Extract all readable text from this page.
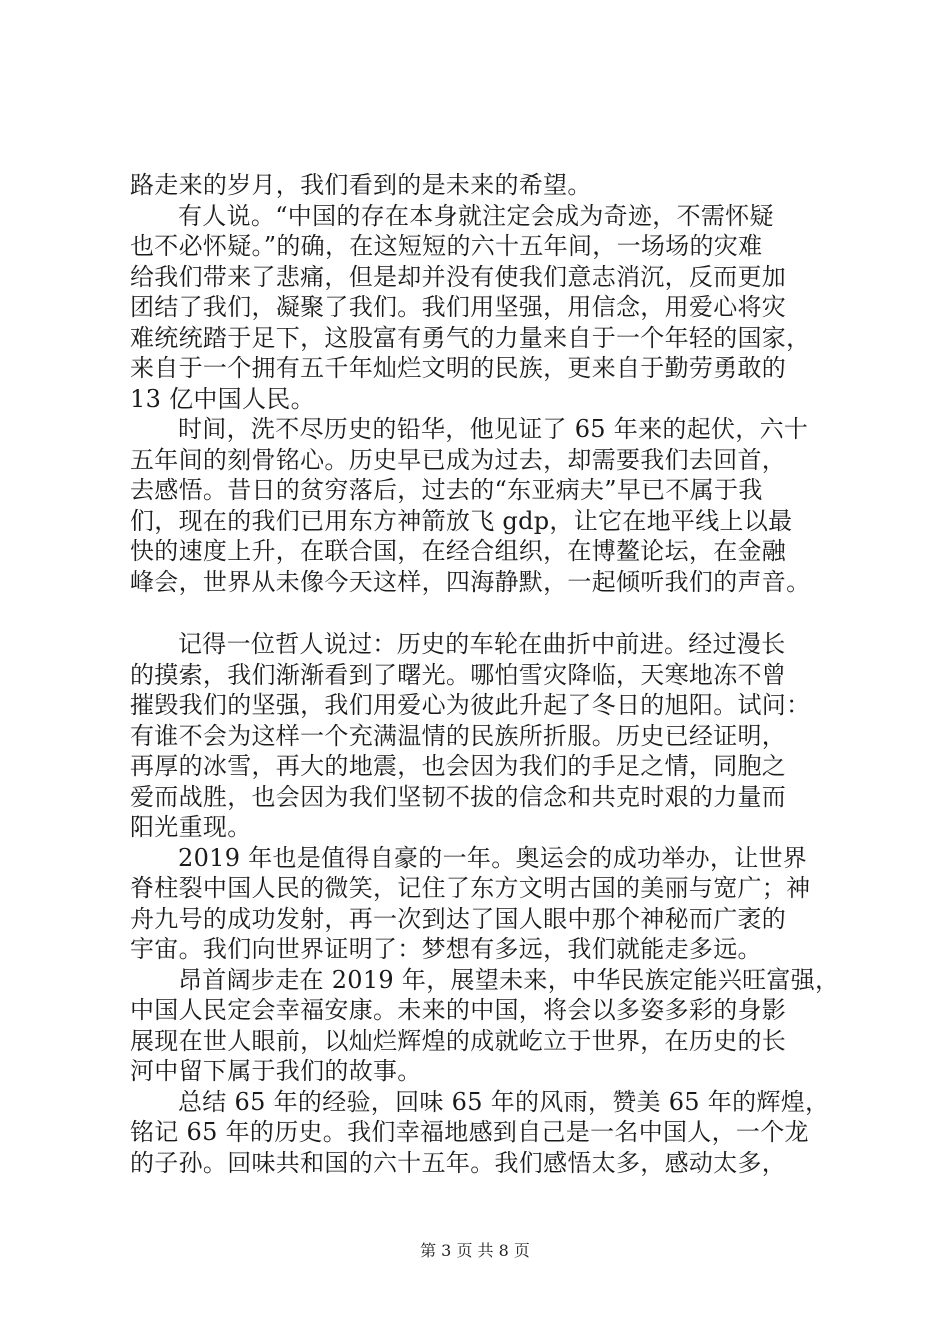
路走来的岁月，我们看到的是未来的希望。
有人说。“中国的存在本身就注定会成为奇迹，不需怀疑
也不必怀疑。”的确，在这短短的六十五年间，一场场的灾难
给我们带来了悲痛，但是却并没有使我们意志消沉，反而更加
团结了我们，凝聚了我们。我们用坚强，用信念，用爱心将灾
难统统踏于足下，这股富有勇气的力量来自于一个年轻的国家，
来自于一个拥有五千年灿烂文明的民族，更来自于勤劳勇敢的
13 亿中国人民。
时间，洗不尽历史的铅华，他见证了 65 年来的起伏，六十
五年间的刻骨铭心。历史早已成为过去，却需要我们去回首，
去感悟。昔日的贫穷落后，过去的“东亚病夫”早已不属于我
们，现在的我们已用东方神箭放飞 gdp，让它在地平线上以最
快的速度上升，在联合国，在经合组织，在博鳌论坛，在金融
峰会，世界从未像今天这样，四海静默，一起倾听我们的声音。
记得一位哲人说过：历史的车轮在曲折中前进。经过漫长
的摸索，我们渐渐看到了曙光。哪怕雪灾降临，天寒地冻不曾
摧毁我们的坚强，我们用爱心为彼此升起了冬日的旭阳。试问：
有谁不会为这样一个充满温情的民族所折服。历史已经证明，
再厚的冰雪，再大的地震，也会因为我们的手足之情，同胞之
爱而战胜，也会因为我们坚韧不拔的信念和共克时艰的力量而
阳光重现。
2019 年也是值得自豪的一年。奥运会的成功举办，让世界
脊柱裂中国人民的微笑，记住了东方文明古国的美丽与宽广；神
舟九号的成功发射，再一次到达了国人眼中那个神秘而广袤的
宇宙。我们向世界证明了：梦想有多远，我们就能走多远。
昂首阔步走在 2019 年，展望未来，中华民族定能兴旺富强，
中国人民定会幸福安康。未来的中国，将会以多姿多彩的身影
展现在世人眼前，以灿烂辉煌的成就屹立于世界，在历史的长
河中留下属于我们的故事。
总结 65 年的经验，回味 65 年的风雨，赞美 65 年的辉煌，
铭记 65 年的历史。我们幸福地感到自己是一名中国人，一个龙
的子孙。回味共和国的六十五年。我们感悟太多，感动太多，
第 3 页 共 8 页
